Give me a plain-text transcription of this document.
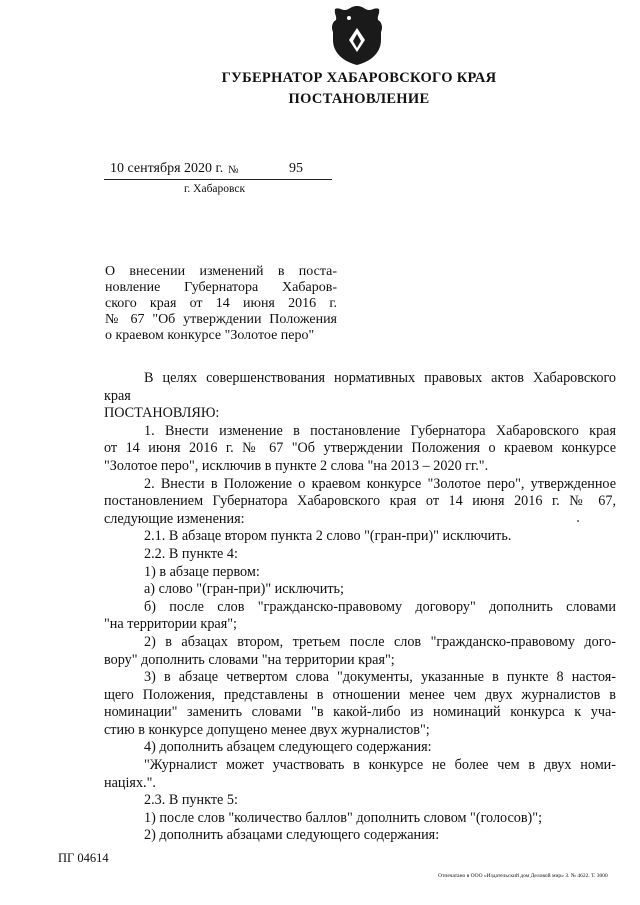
ГУБЕРНАТОР ХАБАРОВСКОГО КРАЯ
ПОСТАНОВЛЕНИЕ
10 сентября 2020 г. №	95
г. Хабаровск
О внесении изменений в поста-
новление Губернатора Хабаров-
ского края от 14 июня 2016 г.
№ 67 "Об утверждении Положения
о краевом конкурсе "Золотое перо"
В целях совершенствования нормативных правовых актов Хабаровского
края
ПОСТАНОВЛЯЮ:
1. Внести изменение в постановление Губернатора Хабаровского края
от 14 июня 2016 г. № 67 "Об утверждении Положения о краевом конкурсе
"Золотое перо", исключив в пункте 2 слова "на 2013 – 2020 гг.".
2. Внести в Положение о краевом конкурсе "Золотое перо", утвержденное
постановлением Губернатора Хабаровского края от 14 июня 2016 г. № 67,
следующие изменения:
2.1. В абзаце втором пункта 2 слово "(гран-при)" исключить.
2.2. В пункте 4:
1) в абзаце первом:
а) слово "(гран-при)" исключить;
б) после слов "гражданско-правовому договору" дополнить словами
"на территории края";
2) в абзацах втором, третьем после слов "гражданско-правовому дого-
вору" дополнить словами "на территории края";
3) в абзаце четвертом слова "документы, указанные в пункте 8 настоя-
щего Положения, представлены в отношении менее чем двух журналистов в
номинации" заменить словами "в какой-либо из номинаций конкурса к уча-
стию в конкурсе допущено менее двух журналистов";
4) дополнить абзацем следующего содержания:
"Журналист может участвовать в конкурсе не более чем в двух номи-
націях.".
2.3. В пункте 5:
1) после слов "количество баллов" дополнить словом "(голосов)";
2) дополнить абзацами следующего содержания:
ПГ 04614
Отпечатано в ООО «Издательский дом Деловой мир» З. № 4622. Т. 3000
